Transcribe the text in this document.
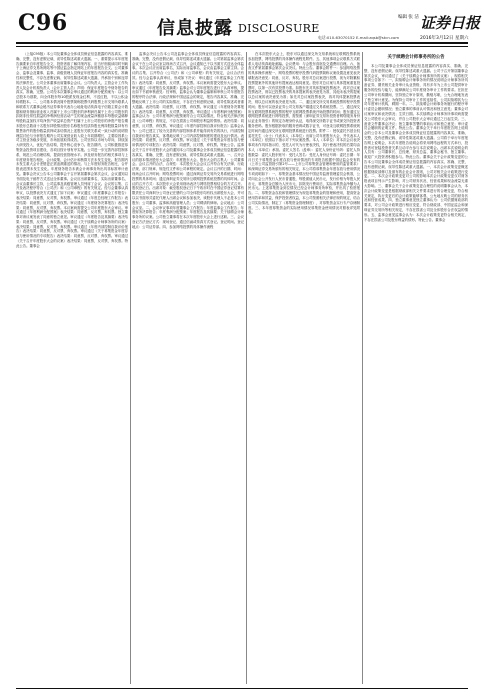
C96	信息披露 DISCLOSURE
电话:010-63070152 E-mail:zqsb@stcn.com
编辑 张 洁 证券日报
2016年3月12日 星期六

（上接C95版）本公司及董事会全体成员保证信息披露的内容真实、准确、完整，没有虚假记载、误导性陈述或重大遗漏。一、重要提示本年度报告摘要来自年度报告全文，投资者欲了解详细内容，应当仔细阅读同时刊载于上海证券交易所网站等中国证监会指定网站上的年度报告全文。公司董事会、监事会及董事、监事、高级管理人员保证年度报告内容的真实性、准确性和完整性，不存在虚假记载、误导性陈述或重大遗漏，并承担个别和连带的法律责任。公司全体董事出席董事会会议。公司负责人、主管会计工作负责人及会计机构负责人（会计主管人员）声明：保证年度报告中财务报告的真实、准确、完整。公司经本次董事会审议通过的利润分配预案为：以公司总股本为基数，向全体股东每10股派发现金红利，不送红股，不以公积金转增股本。二、公司基本情况简介股票简称股票代码股票上市交易所联系人和联系方式董事会秘书证券事务代表办公地址电话传真电子信箱主要会计数据和财务指标营业收入归属于上市公司股东的净利润归属于上市公司股东的扣除非经常性损益的净利润经营活动产生的现金流量净额基本每股收益稀释每股收益加权平均净资产收益率总资产归属于上市公司股东的净资产报告期末股东总数前十名股东持股情况股东名称股东性质持股比例持股数量持有有限售条件的股份数量质押或冻结情况上述股东关联关系或一致行动的说明管理层讨论与分析报告期内公司实现营业收入较上年同期增长，主要原因系公司主营业务稳步发展，市场拓展取得成效。公司坚持以市场为导向，持续加大研发投入，优化产品结构，提升核心竞争力。报告期内，公司积极推进募集资金投资项目建设，各项目按计划有序实施。公司进一步完善内部控制体系，规范公司治理结构，提高经营管理水平。涉及财务报告的相关事项与上年度财务报告相比，会计政策、会计估计和核算方法未发生变化。报告期内未发生重大会计差错更正需追溯重述的情况。与上年度财务报告相比，合并报表范围未发生变化。年度财务报告未被会计师事务所出具非标准审计意见。董事会决议公告本公司董事会于召开第届董事会第次会议，会议通知以书面及电子邮件方式送达全体董事。会议应出席董事名，实际出席董事名，会议由董事长主持，公司监事及高级管理人员列席了会议。会议的召集、召开及表决程序符合《公司法》和《公司章程》的有关规定。经与会董事认真审议，以投票表决方式通过了如下议案：审议通过《年度董事会工作报告》表决结果：同意票，反对票，弃权票。审议通过《年度总经理工作报告》表决结果：同意票，反对票，弃权票。审议通过《年度财务决算报告》表决结果：同意票，反对票，弃权票。本议案尚需提交公司年度股东大会审议。审议通过《年度利润分配预案》表决结果：同意票，反对票，弃权票。独立董事对该议案发表了同意的独立意见。审议通过《年度报告及其摘要》表决结果：同意票，反对票，弃权票。审议通过《关于续聘会计师事务所的议案》表决结果：同意票，反对票，弃权票。审议通过《年度内部控制自我评价报告》表决结果：同意票，反对票，弃权票。审议通过《关于募集资金年度存放与使用情况的专项报告》表决结果：同意票，反对票，弃权票。审议通过《关于召开年度股东大会的议案》表决结果：同意票，反对票，弃权票。特此公告。董事会

监事会决议公告本公司及监事会全体成员保证信息披露的内容真实、准确、完整，没有虚假记载、误导性陈述或重大遗漏。公司第届监事会第次会议于在公司会议室以现场方式召开，会议通知已于以书面方式送达全体监事。本次会议应出席监事名，实际出席监事名，会议由监事会主席主持。会议的召集、召开符合《公司法》和《公司章程》的有关规定，会议合法有效。经与会监事认真审议，形成如下决议：审议通过《年度监事会工作报告》表决结果：同意票，反对票，弃权票。本议案尚需提交股东大会审议。审议通过《年度报告及其摘要》监事会对公司年度报告进行了认真审核，提出如下书面审核意见：经审核，监事会认为董事会编制和审核公司年度报告的程序符合法律、行政法规和中国证监会的规定，报告内容真实、准确、完整地反映了上市公司的实际情况，不存在任何虚假记载、误导性陈述或者重大遗漏。表决结果：同意票，反对票，弃权票。审议通过《年度财务决算报告》表决结果：同意票，反对票，弃权票。审议通过《年度利润分配预案》监事会认为：公司年度利润分配预案符合公司实际情况，符合相关法律法规及《公司章程》的规定，不存在损害公司和股东利益的情形。表决结果：同意票，反对票，弃权票。审议通过《年度内部控制自我评价报告》监事会认为：公司已建立了较为完善的内部控制体系并能得到有效的执行，内部控制自我评价报告真实、客观地反映了公司内部控制制度的建设及运行情况。表决结果：同意票，反对票，弃权票。审议通过《关于募集资金年度存放与使用情况的专项报告》表决结果：同意票，反对票，弃权票。特此公告。监事会关于召开年度股东大会的通知本公司及董事会全体成员保证信息披露的内容真实、准确、完整，没有虚假记载、误导性陈述或重大遗漏。一、召开会议的基本情况股东大会届次：年度股东大会。股东大会的召集人：公司董事会。会议召开的合法、合规性：本次股东大会会议召开符合有关法律、行政法规、部门规章、规范性文件和公司章程的规定。会议召开的日期、时间：现场会议召开时间；网络投票时间：通过深圳证券交易所交易系统进行网络投票的具体时间；通过深圳证券交易所互联网投票系统投票的具体时间。会议的召开方式：本次股东大会采用现场表决与网络投票相结合的方式召开。股权登记日。出席对象：截至股权登记日下午收市时在中国证券登记结算有限责任公司深圳分公司登记在册的公司全体股东均有权出席股东大会，并可以以书面形式委托代理人出席会议和参加表决，该股东代理人不必是本公司股东；公司董事、监事和高级管理人员；公司聘请的律师。会议地点：公司会议室。二、会议审议事项年度董事会工作报告；年度监事会工作报告；年度财务决算报告；年度利润分配预案；年度报告及其摘要；关于续聘会计师事务所的议案。公司独立董事将在本次年度股东大会上进行述职。三、会议登记方法登记方式：现场登记、通过信函或传真方式登记。登记时间。登记地点：公司证券部。四、参加网络投票的具体操作流程

在本次股东大会上，股东可以通过深交所交易系统和互联网投票系统参加投票，网络投票的具体操作流程见附件。五、其他事项会议联系方式联系人电话传真地址邮编。会议费用：与会股东食宿及交通费用自理。六、备查文件第届董事会第次会议决议。特此公告。董事会附件一：参加网络投票的具体操作流程一、网络投票的程序投票代码投票简称议案设置及意见表决填报表决意见：同意、反对、弃权。股东对总议案进行投票，视为对除累积投票提案外的其他所有提案表达相同意见。股东对总议案与具体提案重复投票时，以第一次有效投票为准。如股东先对具体提案投票表决，再对总议案投票表决，则以已投票表决的具体提案的表决意见为准，其他未表决的提案以总议案的表决意见为准；如先对总议案投票表决，再对具体提案投票表决，则以总议案的表决意见为准。二、通过深交所交易系统投票的程序投票时间；股东可以登录证券公司交易客户端通过交易系统投票。三、通过深交所互联网投票系统投票的程序互联网投票系统开始投票的时间；股东通过互联网投票系统进行网络投票，需按照《深圳证券交易所投资者网络服务身份认证业务指引》的规定办理身份认证，取得深交所数字证书或深交所投资者服务密码。股东根据获取的服务密码或数字证书，可登录互联网投票系统规定时间内通过深交所互联网投票系统进行投票。附件二：授权委托书兹全权委托先生（女士）代表本人（本单位）出席公司年度股东大会，并代表本人（本单位）依照以下指示对下列议案投票。本人（本单位）对本次会议表决事项未作具体指示的，受托人可代为行使表决权，其行使表决权的后果均由本人（本单位）承担。委托人签名（盖章）：委托人身份证号码：委托人持股数量：委托人股东账号：受托人签名：受托人身份证号码：委托日期：年月日关于募集资金年度存放与使用情况的专项报告根据中国证监会发布的《上市公司监管指引第2号——上市公司募集资金管理和使用的监管要求》和深圳证券交易所颁布的相关规定，本公司将募集资金年度存放与使用情况专项说明如下：一、募集资金基本情况经中国证券监督管理委员会核准，公司向社会公开发行人民币普通股，每股面值人民币元，发行价格为每股人民币元，募集资金总额为人民币元，扣除发行费用后，实际募集资金净额为人民币元。上述募集资金到位情况已经会计师事务所审验，并出具了验资报告。二、募集资金存放和管理情况为规范募集资金的管理和使用，提高资金使用效率和效益，保护投资者权益，本公司按照相关法律法规的规定，结合公司实际情况，制定了《募集资金管理制度》，对募集资金实行专户存储制度。三、本年度募集资金的实际使用情况募集资金使用情况对照表详见附表。

关于续聘会计师事务所的公告

本公司及董事会全体成员保证信息披露的内容真实、准确、完整，没有虚假记载、误导性陈述或重大遗漏。公司于召开第届董事会第次会议，审议通过了《关于续聘会计师事务所的议案》，现将相关事项公告如下：一、拟续聘会计师事务所的情况说明会计师事务所具备证券、期货相关业务审计从业资格，具有多年为上市公司提供审计服务的经验与能力，能够满足公司年度财务审计工作的要求。在担任公司审计机构期间，坚持独立审计原则，勤勉尽职，公允合理地发表了独立审计意见。为保持公司审计工作的连续性，公司拟续聘其为公司年度审计机构，聘期一年。二、拟续聘会计师事务所履行的程序审计委员会履职情况；独立董事的事前认可情况和独立意见；董事会对议案审议和表决情况；生效日期。本次续聘会计师事务所事项尚需提交公司股东大会审议，并自公司股东大会审议通过之日起生效。三、备查文件董事会决议；独立董事签署的事前认可和独立意见；审计委员会履职的证明文件。特此公告。董事会关于举行年度报告网上说明会的公告本公司及董事会全体成员保证信息披露的内容真实、准确、完整，没有虚假记载、误导性陈述或重大遗漏。公司将于举行年度报告网上说明会，本次年度报告说明会将采用网络远程的方式举行，投资者可登陆投资者关系互动平台参与本次说明会。出席本次说明会的人员有：公司董事长、总经理、财务总监、董事会秘书、独立董事。欢迎广大投资者积极参与。特此公告。董事会关于会计政策变更的公告本公司及董事会全体成员保证信息披露的内容真实、准确、完整，没有虚假记载、误导性陈述或重大遗漏。一、本次会计政策变更概述根据财政部修订及颁布的企业会计准则，公司对相关会计政策进行变更。二、本次会计政策变更对公司的影响本次会计政策变更仅对财务报表项目列示产生影响，对公司财务状况、经营成果和现金流量无重大影响。三、董事会关于会计政策变更合理性的说明董事会认为，本次会计政策变更是根据财政部相关文件要求进行的合理变更，符合相关规定，执行变更后的会计政策能够客观、公允地反映公司的财务状况和经营成果。四、独立董事意见独立董事认为：公司依据财政部的要求，对公司会计政策进行相应变更，符合财政部、中国证监会和深圳证券交易所等相关规定，不存在损害公司及全体股东合法权益的情形。五、监事会意见监事会认为：本次会计政策变更符合相关规定，不存在损害公司及股东利益的情形。特此公告。董事会
